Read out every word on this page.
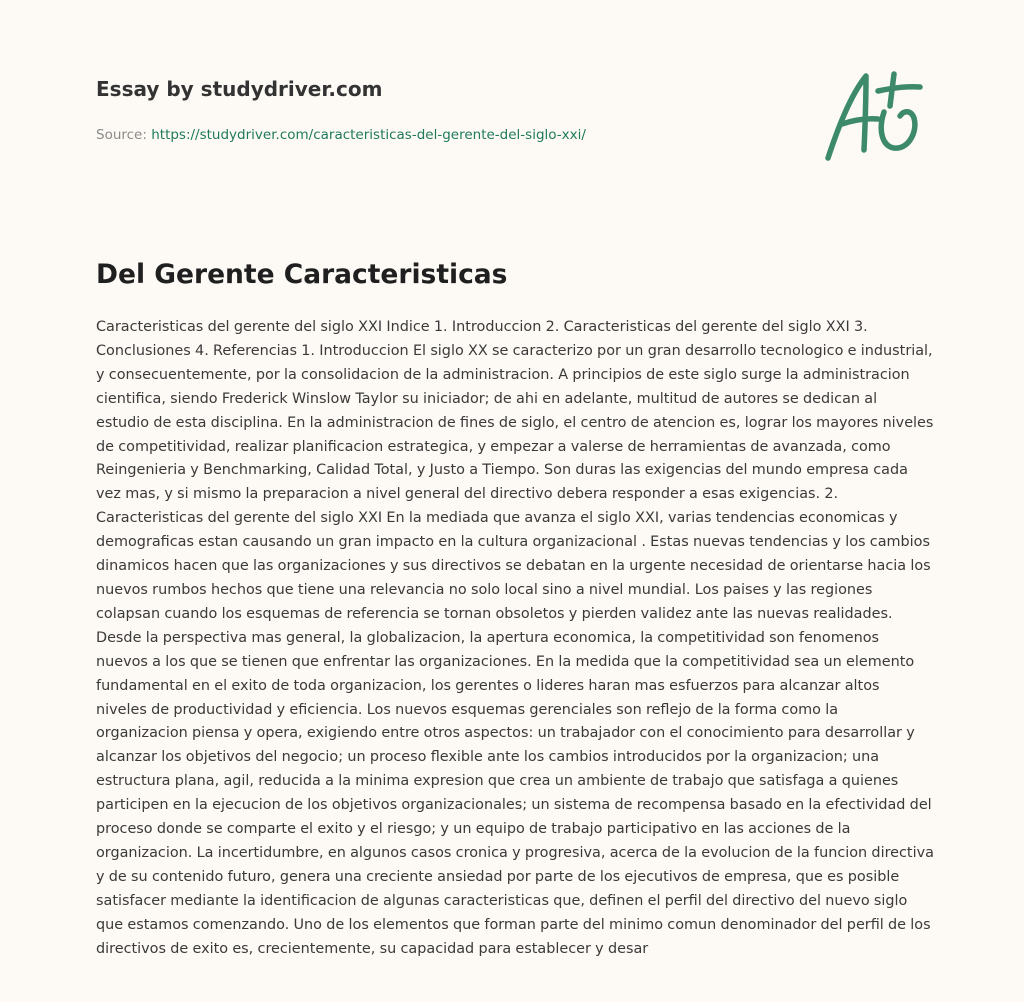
Essay by studydriver.com
Source: https://studydriver.com/caracteristicas-del-gerente-del-siglo-xxi/
Del Gerente Caracteristicas

Caracteristicas del gerente del siglo XXI Indice 1. Introduccion 2. Caracteristicas del gerente del siglo XXI 3. Conclusiones 4. Referencias 1. Introduccion El siglo XX se caracterizo por un gran desarrollo tecnologico e industrial, y consecuentemente, por la consolidacion de la administracion. A principios de este siglo surge la administracion cientifica, siendo Frederick Winslow Taylor su iniciador; de ahi en adelante, multitud de autores se dedican al estudio de esta disciplina. En la administracion de fines de siglo, el centro de atencion es, lograr los mayores niveles de competitividad, realizar planificacion estrategica, y empezar a valerse de herramientas de avanzada, como Reingenieria y Benchmarking, Calidad Total, y Justo a Tiempo. Son duras las exigencias del mundo empresa cada vez mas, y si mismo la preparacion a nivel general del directivo debera responder a esas exigencias. 2. Caracteristicas del gerente del siglo XXI En la mediada que avanza el siglo XXI, varias tendencias economicas y demograficas estan causando un gran impacto en la cultura organizacional . Estas nuevas tendencias y los cambios dinamicos hacen que las organizaciones y sus directivos se debatan en la urgente necesidad de orientarse hacia los nuevos rumbos hechos que tiene una relevancia no solo local sino a nivel mundial. Los paises y las regiones colapsan cuando los esquemas de referencia se tornan obsoletos y pierden validez ante las nuevas realidades. Desde la perspectiva mas general, la globalizacion, la apertura economica, la competitividad son fenomenos nuevos a los que se tienen que enfrentar las organizaciones. En la medida que la competitividad sea un elemento fundamental en el exito de toda organizacion, los gerentes o lideres haran mas esfuerzos para alcanzar altos niveles de productividad y eficiencia. Los nuevos esquemas gerenciales son reflejo de la forma como la organizacion piensa y opera, exigiendo entre otros aspectos: un trabajador con el conocimiento para desarrollar y alcanzar los objetivos del negocio; un proceso flexible ante los cambios introducidos por la organizacion; una estructura plana, agil, reducida a la minima expresion que crea un ambiente de trabajo que satisfaga a quienes participen en la ejecucion de los objetivos organizacionales; un sistema de recompensa basado en la efectividad del proceso donde se comparte el exito y el riesgo; y un equipo de trabajo participativo en las acciones de la organizacion. La incertidumbre, en algunos casos cronica y progresiva, acerca de la evolucion de la funcion directiva y de su contenido futuro, genera una creciente ansiedad por parte de los ejecutivos de empresa, que es posible satisfacer mediante la identificacion de algunas caracteristicas que, definen el perfil del directivo del nuevo siglo que estamos comenzando. Uno de los elementos que forman parte del minimo comun denominador del perfil de los directivos de exito es, crecientemente, su capacidad para establecer y desar
